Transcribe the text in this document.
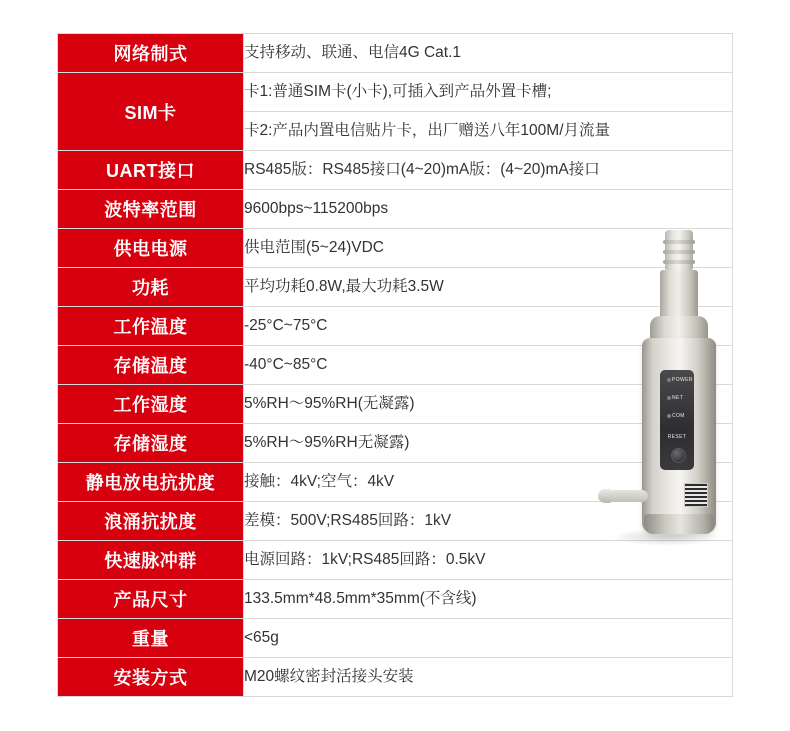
网络制式	支持移动、联通、电信4G Cat.1
SIM卡	卡1:普通SIM卡(小卡),可插入到产品外置卡槽;
	卡2:产品内置电信贴片卡，出厂赠送八年100M/月流量
UART接口	RS485版：RS485接口(4~20)mA版：(4~20)mA接口
波特率范围	9600bps~115200bps
供电电源	供电范围(5~24)VDC
功耗	平均功耗0.8W,最大功耗3.5W
工作温度	-25°C~75°C
存储温度	-40°C~85°C
工作湿度	5%RH～95%RH(无凝露)
存储湿度	5%RH～95%RH无凝露)
静电放电抗扰度	接触：4kV;空气：4kV
浪涌抗扰度	差模：500V;RS485回路：1kV
快速脉冲群	电源回路：1kV;RS485回路：0.5kV
产品尺寸	133.5mm*48.5mm*35mm(不含线)
重量	<65g
安装方式	M20螺纹密封活接头安装
POWER
NET
COM
RESET
